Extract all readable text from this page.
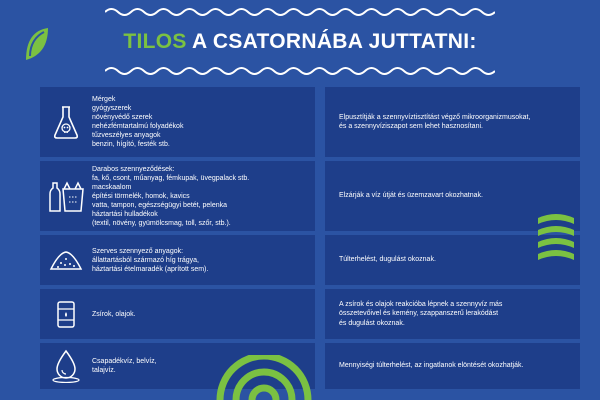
TILOS A CSATORNÁBA JUTTATNI:
Mérgek
gyógyszerek
növényvédő szerek
nehézfémtartalmú folyadékok
tűzveszélyes anyagok
benzin, hígító, festék stb.
Elpusztítják a szennyvíztisztítást végző mikroorganizmusokat,
és a szennyvíziszapot sem lehet hasznosítani.
Darabos szennyeződések:
fa, kő, csont, műanyag, fémkupak, üvegpalack stb.
macskaalom
építési törmelék, homok, kavics
vatta, tampon, egészségügyi betét, pelenka
háztartási hulladékok
(textil, növény, gyümölcsmag, toll, szőr, stb.).
Elzárják a víz útját és üzemzavart okozhatnak.
Szerves szennyező anyagok:
állattartásból származó híg trágya,
háztartási ételmaradék (aprított sem).
Túlterhelést, dugulást okoznak.
Zsírok, olajok.
A zsírok és olajok reakcióba lépnek a szennyvíz más
összetevőivel és kemény, szappanszerű lerakódást
és dugulást okoznak.
Csapadékvíz, belvíz,
talajvíz.
Mennyiségi túlterhelést, az ingatlanok elöntését okozhatják.
